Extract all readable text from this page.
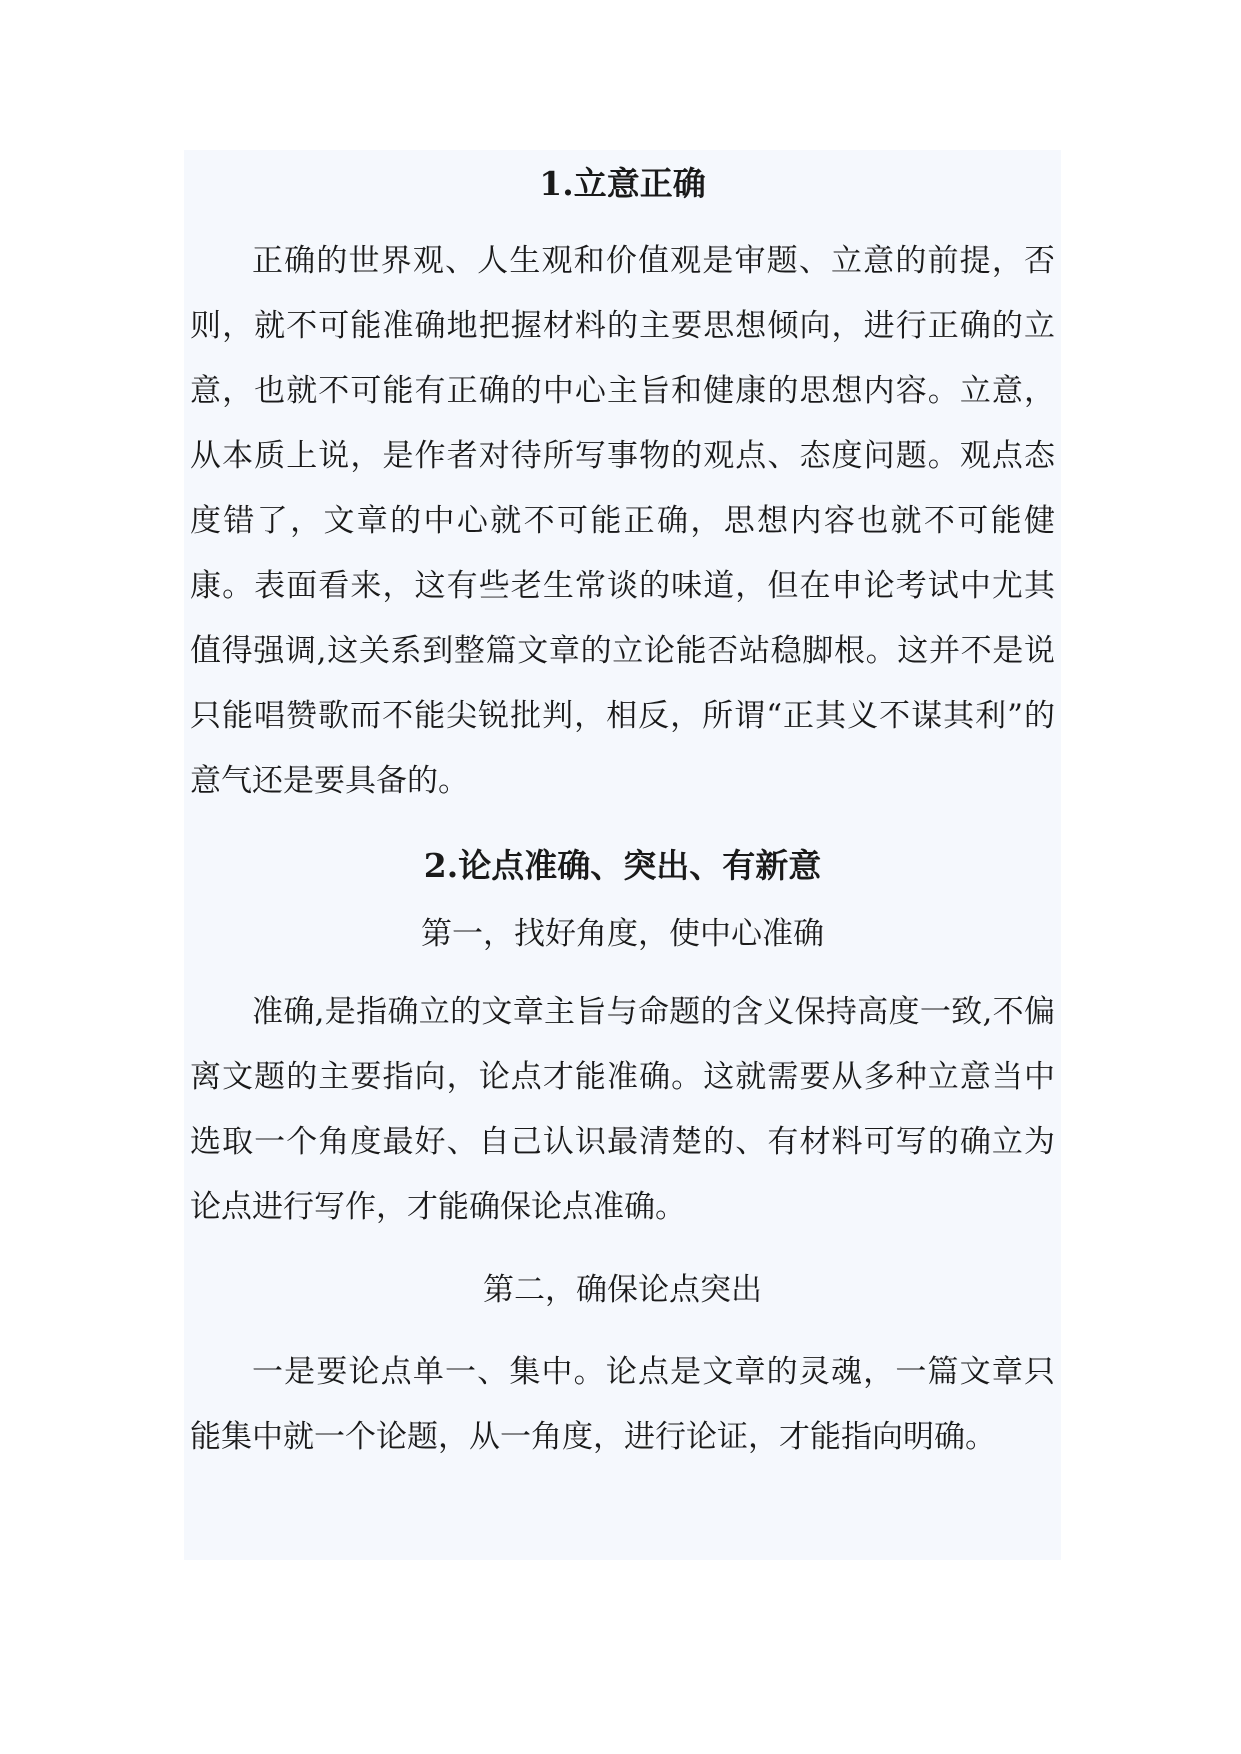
1.立意正确

正确的世界观、人生观和价值观是审题、立意的前提，否则，就不可能准确地把握材料的主要思想倾向，进行正确的立意，也就不可能有正确的中心主旨和健康的思想内容。立意，从本质上说，是作者对待所写事物的观点、态度问题。观点态度错了，文章的中心就不可能正确，思想内容也就不可能健康。表面看来，这有些老生常谈的味道，但在申论考试中尤其值得强调,这关系到整篇文章的立论能否站稳脚根。这并不是说只能唱赞歌而不能尖锐批判，相反，所谓“正其义不谋其利”的意气还是要具备的。

2.论点准确、突出、有新意

第一，找好角度，使中心准确

准确,是指确立的文章主旨与命题的含义保持高度一致,不偏离文题的主要指向，论点才能准确。这就需要从多种立意当中选取一个角度最好、自己认识最清楚的、有材料可写的确立为论点进行写作，才能确保论点准确。

第二，确保论点突出

一是要论点单一、集中。论点是文章的灵魂，一篇文章只能集中就一个论题，从一角度，进行论证，才能指向明确。
